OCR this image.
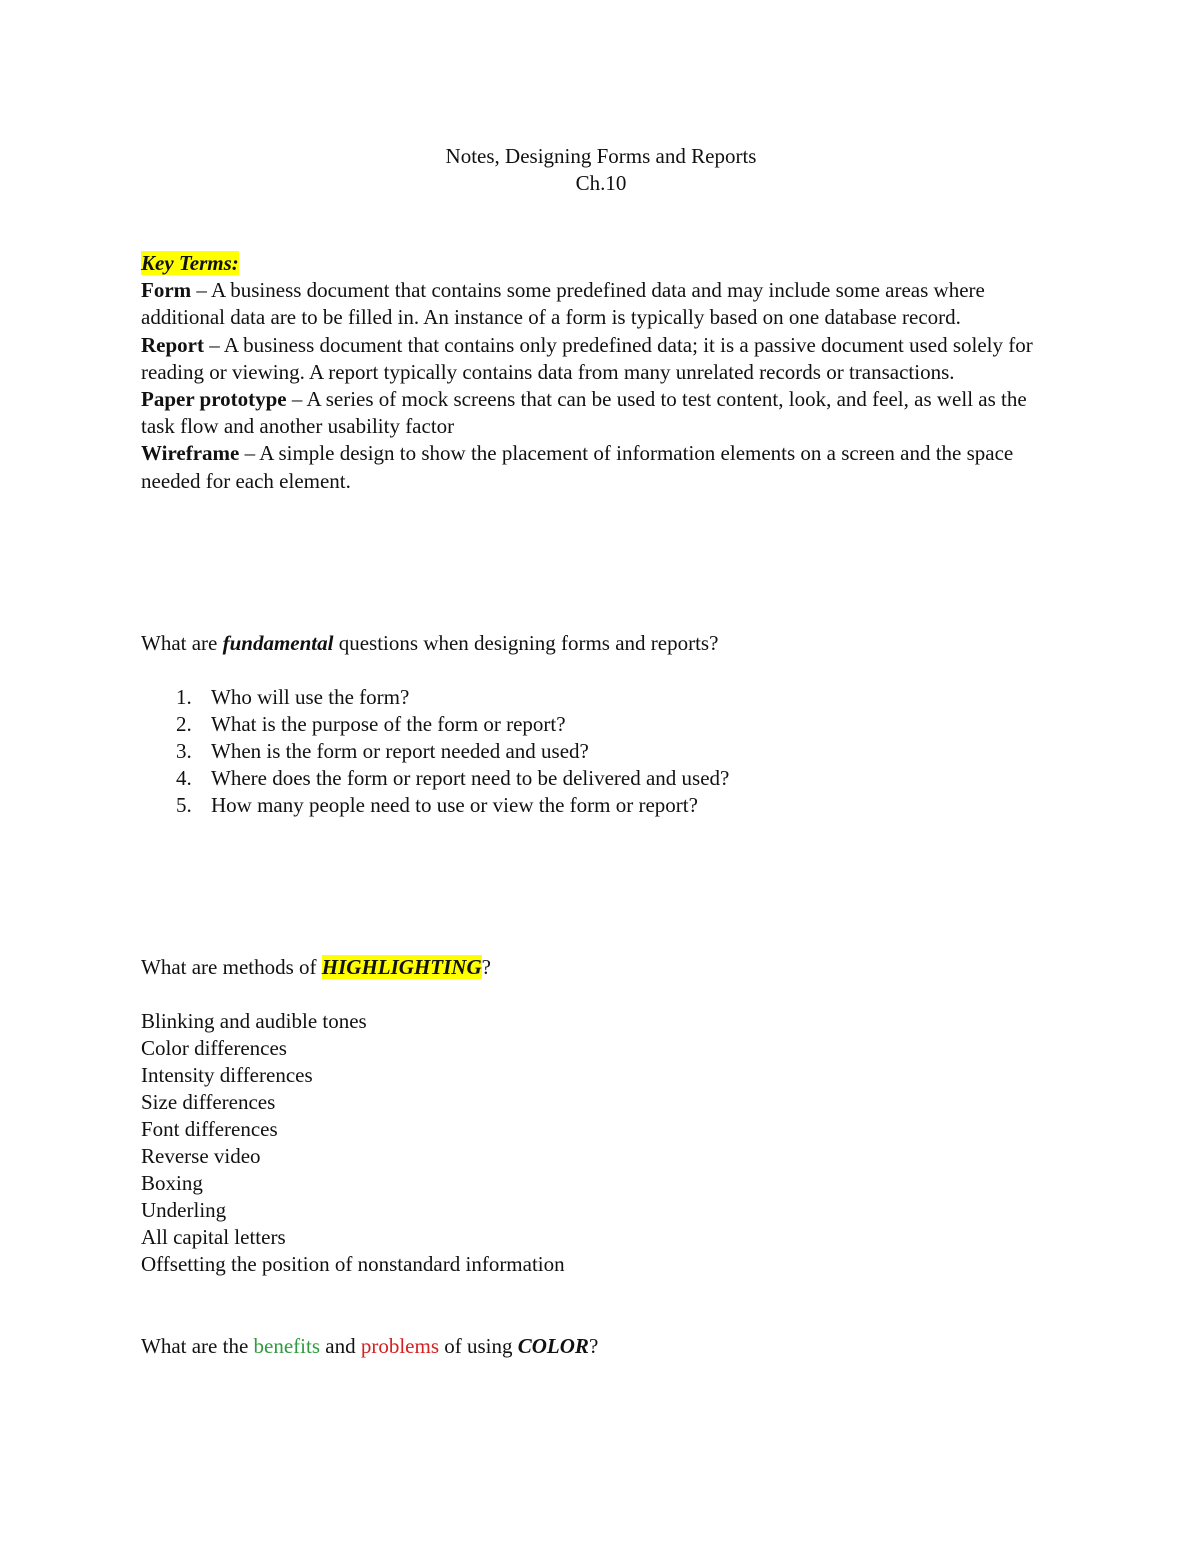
Notes, Designing Forms and Reports
Ch.10
Key Terms:
Form – A business document that contains some predefined data and may include some areas where additional data are to be filled in. An instance of a form is typically based on one database record.
Report – A business document that contains only predefined data; it is a passive document used solely for reading or viewing. A report typically contains data from many unrelated records or transactions.
Paper prototype – A series of mock screens that can be used to test content, look, and feel, as well as the task flow and another usability factor
Wireframe – A simple design to show the placement of information elements on a screen and the space needed for each element.
What are fundamental questions when designing forms and reports?
1. Who will use the form?
2. What is the purpose of the form or report?
3. When is the form or report needed and used?
4. Where does the form or report need to be delivered and used?
5. How many people need to use or view the form or report?
What are methods of HIGHLIGHTING?
Blinking and audible tones
Color differences
Intensity differences
Size differences
Font differences
Reverse video
Boxing
Underling
All capital letters
Offsetting the position of nonstandard information
What are the benefits and problems of using COLOR?
